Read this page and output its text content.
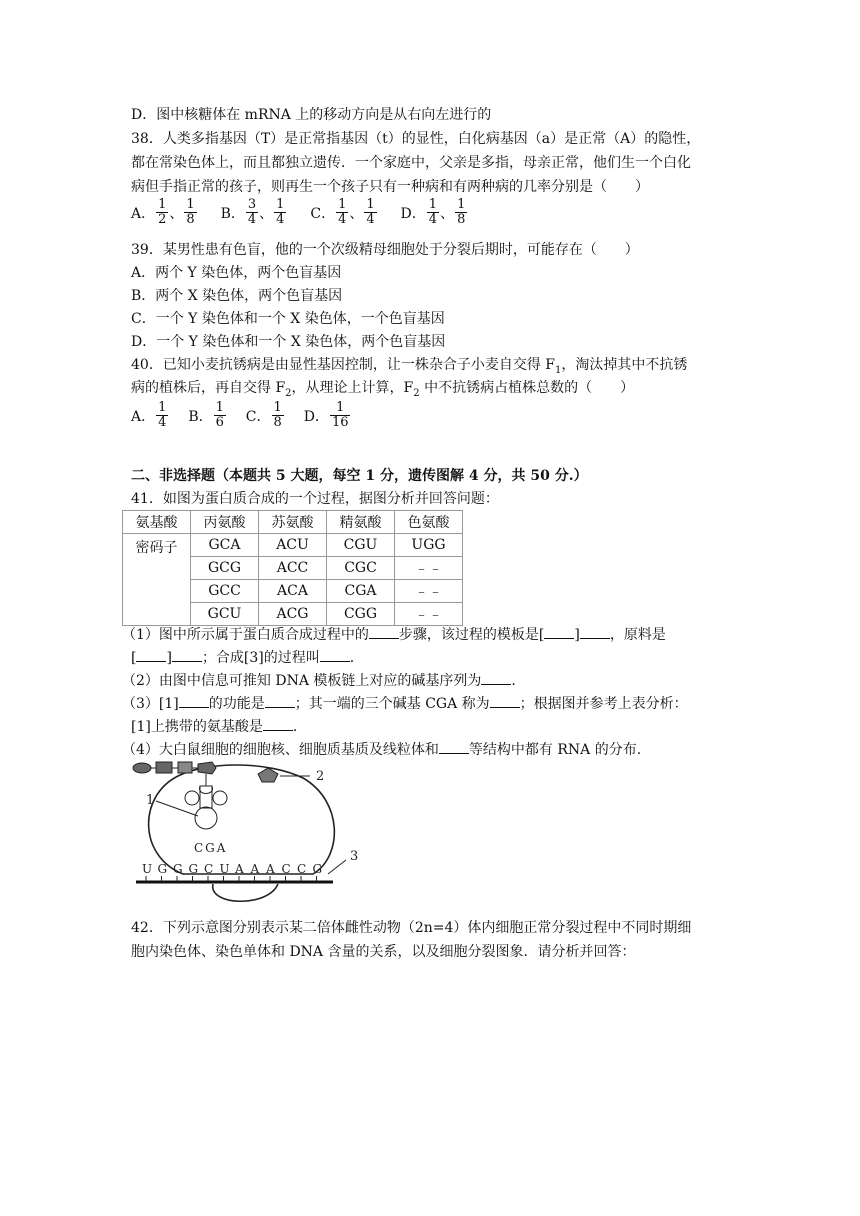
D．图中核糖体在 mRNA 上的移动方向是从右向左进行的
38．人类多指基因（T）是正常指基因（t）的显性，白化病基因（a）是正常（A）的隐性，
都在常染色体上，而且都独立遗传．一个家庭中，父亲是多指，母亲正常，他们生一个白化
病但手指正常的孩子，则再生一个孩子只有一种病和有两种病的几率分别是（　　）
A． $\frac{1}{2}$ 、 $\frac{1}{8}$ B． $\frac{3}{4}$ 、 $\frac{1}{4}$ C． $\frac{1}{4}$ 、 $\frac{1}{4}$ D． $\frac{1}{4}$ 、 $\frac{1}{8}$
39．某男性患有色盲，他的一个次级精母细胞处于分裂后期时，可能存在（　　）
A．两个 Y 染色体，两个色盲基因
B．两个 X 染色体，两个色盲基因
C．一个 Y 染色体和一个 X 染色体，一个色盲基因
D．一个 Y 染色体和一个 X 染色体，两个色盲基因
40．已知小麦抗锈病是由显性基因控制，让一株杂合子小麦自交得 $F_1$，淘汰掉其中不抗锈
病的植株后，再自交得 $F_2$，从理论上计算，$F_2$ 中不抗锈病占植株总数的（　　）
A． $\frac{1}{4}$ B． $\frac{1}{6}$ C． $\frac{1}{8}$ D． $\frac{1}{16}$
二、非选择题（本题共 5 大题，每空 1 分，遗传图解 4 分，共 50 分.）
41．如图为蛋白质合成的一个过程，据图分析并回答问题：
氨基酸	丙氨酸	苏氨酸	精氨酸	色氨酸
密码子	GCA	ACU	CGU	UGG
	GCG	ACC	CGC	﹣﹣
	GCC	ACA	CGA	﹣﹣
	GCU	ACG	CGG	﹣﹣
（1）图中所示属于蛋白质合成过程中的 步骤，该过程的模板是[ ] ，原料是
[ ] ；合成[3]的过程叫 .
（2）由图中信息可推知 DNA 模板链上对应的碱基序列为 .
（3）[1] 的功能是 ；其一端的三个碱基 CGA 称为 ；根据图并参考上表分析：
[1]上携带的氨基酸是 .
（4）大白鼠细胞的细胞核、细胞质基质及线粒体和 等结构中都有 RNA 的分布.
2
1
CGA
U G G G C U A A A C C G
3
42．下列示意图分别表示某二倍体雌性动物（2n=4）体内细胞正常分裂过程中不同时期细
胞内染色体、染色单体和 DNA 含量的关系，以及细胞分裂图象．请分析并回答：
